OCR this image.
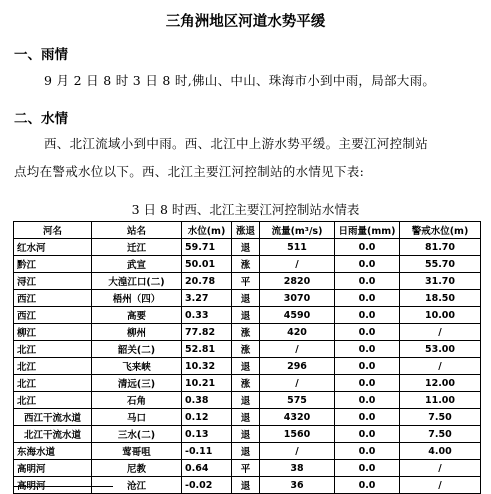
三角洲地区河道水势平缓
一、雨情
9 月 2 日 8 时 3 日 8 时,佛山、中山、珠海市小到中雨，局部大雨。
二、水情
西、北江流域小到中雨。西、北江中上游水势平缓。主要江河控制站
点均在警戒水位以下。西、北江主要江河控制站的水情见下表:
3 日 8 时西、北江主要江河控制站水情表
河名	站名	水位(m)	涨退	流量(m³/s)	日雨量(mm)	警戒水位(m)
红水河	迁江	59.71	退	511	0.0	81.70
黔江	武宣	50.01	涨	/	0.0	55.70
浔江	大湟江口(二)	20.78	平	2820	0.0	31.70
西江	梧州（四）	3.27	退	3070	0.0	18.50
西江	高要	0.33	退	4590	0.0	10.00
柳江	柳州	77.82	涨	420	0.0	/
北江	韶关(二)	52.81	涨	/	0.0	53.00
北江	飞来峡	10.32	退	296	0.0	/
北江	清远(三)	10.21	涨	/	0.0	12.00
北江	石角	0.38	退	575	0.0	11.00
西江干流水道	马口	0.12	退	4320	0.0	7.50
北江干流水道	三水(二)	0.13	退	1560	0.0	7.50
东海水道	莺哥咀	-0.11	退	/	0.0	4.00
高明河	尼教	0.64	平	38	0.0	/
高明河	沧江	-0.02	退	36	0.0	/
